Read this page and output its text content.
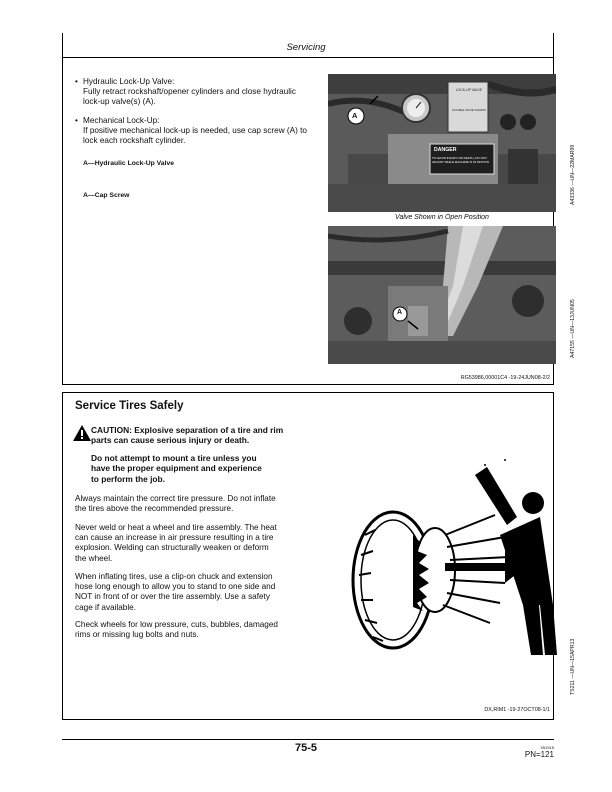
Servicing
• Hydraulic Lock-Up Valve:
Fully retract rockshaft/opener cylinders and close hydraulic lock-up valve(s) (A).
• Mechanical Lock-Up:
If positive mechanical lock-up is needed, use cap screw (A) to lock each rockshaft cylinder.
A—Hydraulic Lock-Up Valve
A—Cap Screw
LOCK-UP VALVE
DOUBLE VALVE SHOWN
DANGER
TO AVOID INJURY OR DEATH, DO NOT ADJUST WHILE MACHINE IS IN MOTION
A
Valve Shown in Open Position
A43336 —UN—22MAR99
A	A47155 —UN—13JUN05
RG53986,00001C4 -19-24JUN08-2/2
Service Tires Safely
CAUTION: Explosive separation of a tire and rim
parts can cause serious injury or death.
Do not attempt to mount a tire unless you
have the proper equipment and experience
to perform the job.
Always maintain the correct tire pressure. Do not inflate
the tires above the recommended pressure.
Never weld or heat a wheel and tire assembly. The heat
can cause an increase in air pressure resulting in a tire
explosion. Welding can structurally weaken or deform
the wheel.
When inflating tires, use a clip-on chuck and extension
hose long enough to allow you to stand to one side and
NOT in front of or over the tire assembly. Use a safety
cage if available.
Check wheels for low pressure, cuts, bubbles, damaged
rims or missing lug bolts and nuts.
TS211 —UN—15APR13
DX,RIM1 -19-27OCT08-1/1
75-5	051915
PN=121
